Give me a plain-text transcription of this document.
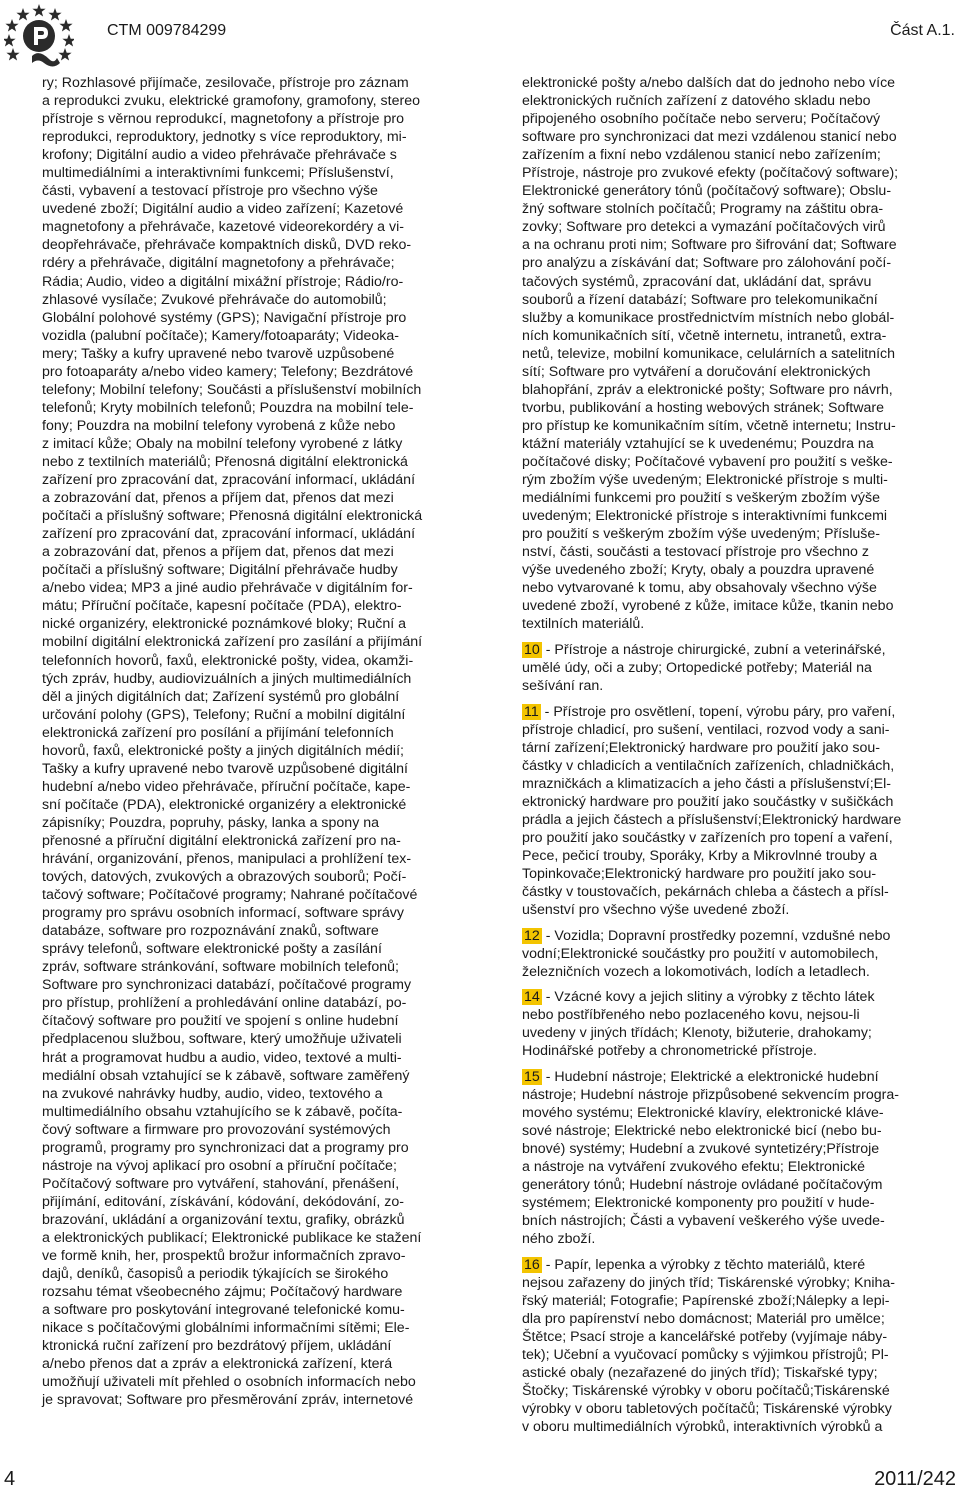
CTM 009784299	Část A.1.
ry; Rozhlasové přijímače, zesilovače, přístroje pro záznam
a reprodukci zvuku, elektrické gramofony, gramofony, stereo
přístroje s věrnou reprodukcí, magnetofony a přístroje pro
reprodukci, reproduktory, jednotky s více reproduktory, mi-
krofony; Digitální audio a video přehrávače přehrávače s
multimediálními a interaktivními funkcemi; Příslušenství,
části, vybavení a testovací přístroje pro všechno výše
uvedené zboží; Digitální audio a video zařízení; Kazetové
magnetofony a přehrávače, kazetové videorekordéry a vi-
deopřehrávače, přehrávače kompaktních disků, DVD reko-
rdéry a přehrávače, digitální magnetofony a přehrávače;
Rádia; Audio, video a digitální mixážní přístroje; Rádio/ro-
zhlasové vysílače; Zvukové přehrávače do automobilů;
Globální polohové systémy (GPS); Navigační přístroje pro
vozidla (palubní počítače); Kamery/fotoaparáty; Videoka-
mery; Tašky a kufry upravené nebo tvarově uzpůsobené
pro fotoaparáty a/nebo video kamery; Telefony; Bezdrátové
telefony; Mobilní telefony; Součásti a příslušenství mobilních
telefonů; Kryty mobilních telefonů; Pouzdra na mobilní tele-
fony; Pouzdra na mobilní telefony vyrobená z kůže nebo
z imitací kůže; Obaly na mobilní telefony vyrobené z látky
nebo z textilních materiálů; Přenosná digitální elektronická
zařízení pro zpracování dat, zpracování informací, ukládání
a zobrazování dat, přenos a příjem dat, přenos dat mezi
počítači a příslušný software; Přenosná digitální elektronická
zařízení pro zpracování dat, zpracování informací, ukládání
a zobrazování dat, přenos a příjem dat, přenos dat mezi
počítači a příslušný software; Digitální přehrávače hudby
a/nebo videa; MP3 a jiné audio přehrávače v digitálním for-
mátu; Příruční počítače, kapesní počítače (PDA), elektro-
nické organizéry, elektronické poznámkové bloky; Ruční a
mobilní digitální elektronická zařízení pro zasílání a přijímání
telefonních hovorů, faxů, elektronické pošty, videa, okamži-
tých zpráv, hudby, audiovizuálních a jiných multimediálních
děl a jiných digitálních dat; Zařízení systémů pro globální
určování polohy (GPS), Telefony; Ruční a mobilní digitální
elektronická zařízení pro posílání a přijímání telefonních
hovorů, faxů, elektronické pošty a jiných digitálních médií;
Tašky a kufry upravené nebo tvarově uzpůsobené digitální
hudební a/nebo video přehrávače, příruční počítače, kape-
sní počítače (PDA), elektronické organizéry a elektronické
zápisníky; Pouzdra, popruhy, pásky, lanka a spony na
přenosné a příruční digitální elektronická zařízení pro na-
hrávání, organizování, přenos, manipulaci a prohlížení tex-
tových, datových, zvukových a obrazových souborů; Počí-
tačový software; Počítačové programy; Nahrané počítačové
programy pro správu osobních informací, software správy
databáze, software pro rozpoznávání znaků, software
správy telefonů, software elektronické pošty a zasílání
zpráv, software stránkování, software mobilních telefonů;
Software pro synchronizaci databází, počítačové programy
pro přístup, prohlížení a prohledávání online databází, po-
čítačový software pro použití ve spojení s online hudební
předplacenou službou, software, který umožňuje uživateli
hrát a programovat hudbu a audio, video, textové a multi-
mediální obsah vztahující se k zábavě, software zaměřený
na zvukové nahrávky hudby, audio, video, textového a
multimediálního obsahu vztahujícího se k zábavě, počíta-
čový software a firmware pro provozování systémových
programů, programy pro synchronizaci dat a programy pro
nástroje na vývoj aplikací pro osobní a příruční počítače;
Počítačový software pro vytváření, stahování, přenášení,
přijímání, editování, získávání, kódování, dekódování, zo-
brazování, ukládání a organizování textu, grafiky, obrázků
a elektronických publikací; Elektronické publikace ke stažení
ve formě knih, her, prospektů brožur informačních zpravo-
dajů, deníků, časopisů a periodik týkajících se širokého
rozsahu témat všeobecného zájmu; Počítačový hardware
a software pro poskytování integrované telefonické komu-
nikace s počítačovými globálními informačními sítěmi; Ele-
ktronická ruční zařízení pro bezdrátový příjem, ukládání
a/nebo přenos dat a zpráv a elektronická zařízení, která
umožňují uživateli mít přehled o osobních informacích nebo
je spravovat; Software pro přesměrování zpráv, internetové
elektronické pošty a/nebo dalších dat do jednoho nebo více
elektronických ručních zařízení z datového skladu nebo
připojeného osobního počítače nebo serveru; Počítačový
software pro synchronizaci dat mezi vzdálenou stanicí nebo
zařízením a fixní nebo vzdálenou stanicí nebo zařízením;
Přístroje, nástroje pro zvukové efekty (počítačový software);
Elektronické generátory tónů (počítačový software); Obslu-
žný software stolních počítačů; Programy na záštitu obra-
zovky; Software pro detekci a vymazání počítačových virů
a na ochranu proti nim; Software pro šifrování dat; Software
pro analýzu a získávání dat; Software pro zálohování počí-
tačových systémů, zpracování dat, ukládání dat, správu
souborů a řízení databází; Software pro telekomunikační
služby a komunikace prostřednictvím místních nebo globál-
ních komunikačních sítí, včetně internetu, intranetů, extra-
netů, televize, mobilní komunikace, celulárních a satelitních
sítí; Software pro vytváření a doručování elektronických
blahopřání, zpráv a elektronické pošty; Software pro návrh,
tvorbu, publikování a hosting webových stránek; Software
pro přístup ke komunikačním sítím, včetně internetu; Instru-
ktážní materiály vztahující se k uvedenému; Pouzdra na
počítačové disky; Počítačové vybavení pro použití s veške-
rým zbožím výše uvedeným; Elektronické přístroje s multi-
mediálními funkcemi pro použití s veškerým zbožím výše
uvedeným; Elektronické přístroje s interaktivními funkcemi
pro použití s veškerým zbožím výše uvedeným; Přísluše-
nství, části, součásti a testovací přístroje pro všechno z
výše uvedeného zboží; Kryty, obaly a pouzdra upravené
nebo vytvarované k tomu, aby obsahovaly všechno výše
uvedené zboží, vyrobené z kůže, imitace kůže, tkanin nebo
textilních materiálů.
10 - Přístroje a nástroje chirurgické, zubní a veterinářské,
umělé údy, oči a zuby; Ortopedické potřeby; Materiál na
sešívání ran.
11 - Přístroje pro osvětlení, topení, výrobu páry, pro vaření,
přístroje chladicí, pro sušení, ventilaci, rozvod vody a sani-
tární zařízení;Elektronický hardware pro použití jako sou-
částky v chladicích a ventilačních zařízeních, chladničkách,
mrazničkách a klimatizacích a jeho části a příslušenství;El-
ektronický hardware pro použití jako součástky v sušičkách
prádla a jejich částech a příslušenství;Elektronický hardware
pro použití jako součástky v zařízeních pro topení a vaření,
Pece, pečicí trouby, Sporáky, Krby a Mikrovlnné trouby a
Topinkovače;Elektronický hardware pro použití jako sou-
částky v toustovačích, pekárnách chleba a částech a přísl-
ušenství pro všechno výše uvedené zboží.
12 - Vozidla; Dopravní prostředky pozemní, vzdušné nebo
vodní;Elektronické součástky pro použití v automobilech,
železničních vozech a lokomotivách, lodích a letadlech.
14 - Vzácné kovy a jejich slitiny a výrobky z těchto látek
nebo postříbřeného nebo pozlaceného kovu, nejsou-li
uvedeny v jiných třídách; Klenoty, bižuterie, drahokamy;
Hodinářské potřeby a chronometrické přístroje.
15 - Hudební nástroje; Elektrické a elektronické hudební
nástroje; Hudební nástroje přizpůsobené sekvencím progra-
mového systému; Elektronické klavíry, elektronické kláve-
sové nástroje; Elektrické nebo elektronické bicí (nebo bu-
bnové) systémy; Hudební a zvukové syntetizéry;Přístroje
a nástroje na vytváření zvukového efektu; Elektronické
generátory tónů; Hudební nástroje ovládané počítačovým
systémem; Elektronické komponenty pro použití v hude-
bních nástrojích; Části a vybavení veškerého výše uvede-
ného zboží.
16 - Papír, lepenka a výrobky z těchto materiálů, které
nejsou zařazeny do jiných tříd; Tiskárenské výrobky; Kniha-
řský materiál; Fotografie; Papírenské zboží;Nálepky a lepi-
dla pro papírenství nebo domácnost; Materiál pro umělce;
Štětce; Psací stroje a kancelářské potřeby (vyjímaje náby-
tek); Učební a vyučovací pomůcky s výjimkou přístrojů; Pl-
astické obaly (nezařazené do jiných tříd); Tiskařské typy;
Štočky; Tiskárenské výrobky v oboru počítačů;Tiskárenské
výrobky v oboru tabletových počítačů; Tiskárenské výrobky
v oboru multimediálních výrobků, interaktivních výrobků a
4	2011/242
